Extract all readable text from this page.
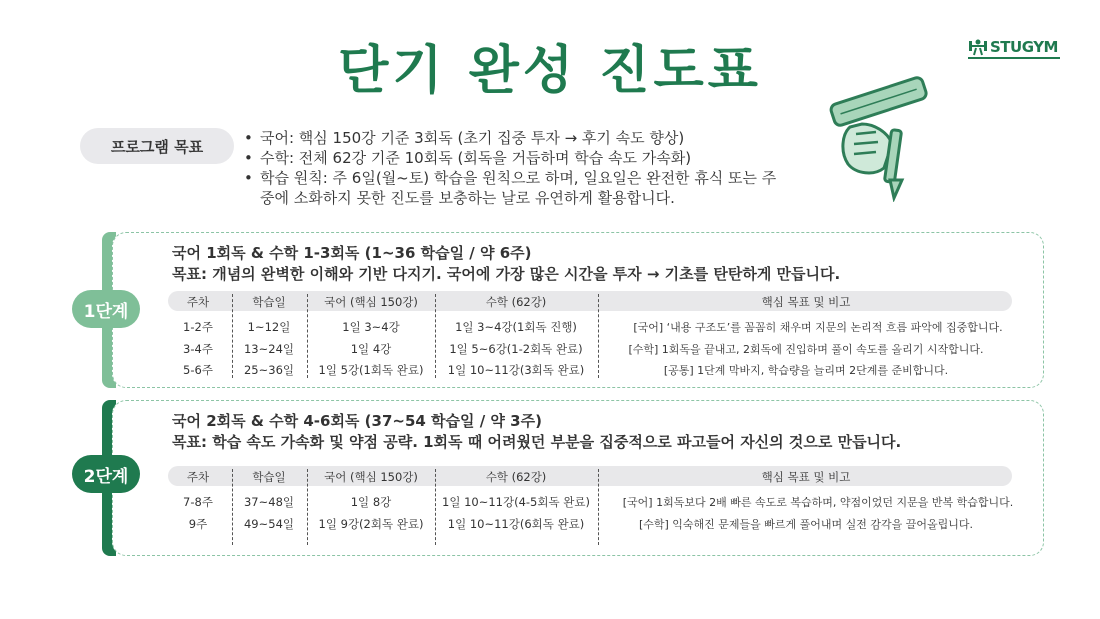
단기 완성 진도표	STUGYM
프로그램 목표
•	국어: 핵심 150강 기준 3회독 (초기 집중 투자 → 후기 속도 향상)
• 수학: 전체 62강 기준 10회독 (회독을 거듭하며 학습 속도 가속화)
• 학습 원칙: 주 6일(월~토) 학습을 원칙으로 하며, 일요일은 완전한 휴식 또는 주
중에 소화하지 못한 진도를 보충하는 날로 유연하게 활용합니다.
1단계
국어 1회독 & 수학 1-3회독 (1~36 학습일 / 약 6주)
목표: 개념의 완벽한 이해와 기반 다지기. 국어에 가장 많은 시간을 투자 → 기초를 탄탄하게 만듭니다.
주차	학습일	국어 (핵심 150강)	수학 (62강)	핵심 목표 및 비고
1-2주	1~12일	1일 3~4강	1일 3~4강(1회독 진행)	[국어] ‘내용 구조도’를 꼼꼼히 채우며 지문의 논리적 흐름 파악에 집중합니다.
3-4주	13~24일	1일 4강	1일 5~6강(1-2회독 완료)	[수학] 1회독을 끝내고, 2회독에 진입하며 풀이 속도를 올리기 시작합니다.
5-6주	25~36일	1일 5강(1회독 완료)	1일 10~11강(3회독 완료)	[공통] 1단계 막바지, 학습량을 늘리며 2단계를 준비합니다.
2단계
국어 2회독 & 수학 4-6회독 (37~54 학습일 / 약 3주)
목표: 학습 속도 가속화 및 약점 공략. 1회독 때 어려웠던 부분을 집중적으로 파고들어 자신의 것으로 만듭니다.
주차	학습일	국어 (핵심 150강)	수학 (62강)	핵심 목표 및 비고
7-8주	37~48일	1일 8강	1일 10~11강(4-5회독 완료)	[국어] 1회독보다 2배 빠른 속도로 복습하며, 약점이었던 지문을 반복 학습합니다.
9주	49~54일	1일 9강(2회독 완료)	1일 10~11강(6회독 완료)	[수학] 익숙해진 문제들을 빠르게 풀어내며 실전 감각을 끌어올립니다.
